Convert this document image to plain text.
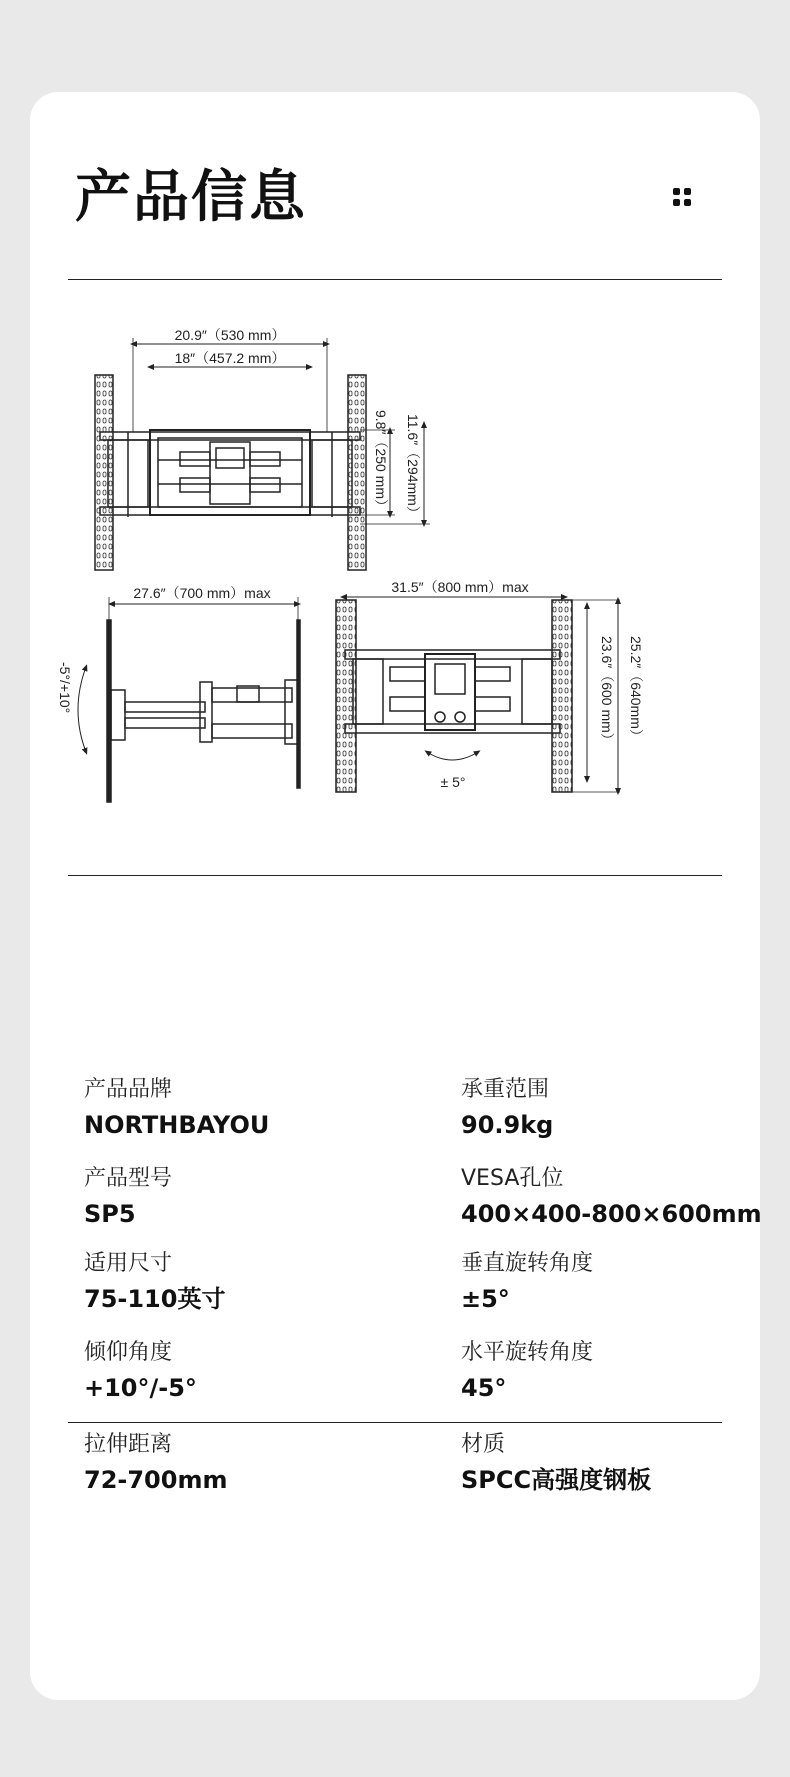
产品信息
20.9″（530 mm）
18″（457.2 mm）
9.8″（250 mm） 11.6″（294mm）
27.6″（700 mm）max
-5°/+10°
31.5″（800 mm）max
23.6″（600 mm） 25.2″（640mm）
± 5°
产品品牌
NORTHBAYOU
承重范围
90.9kg
产品型号
SP5
VESA孔位
400×400-800×600mm
适用尺寸
75-110英寸
垂直旋转角度
±5°
倾仰角度
+10°/-5°
水平旋转角度
45°
拉伸距离
72-700mm
材质
SPCC高强度钢板
